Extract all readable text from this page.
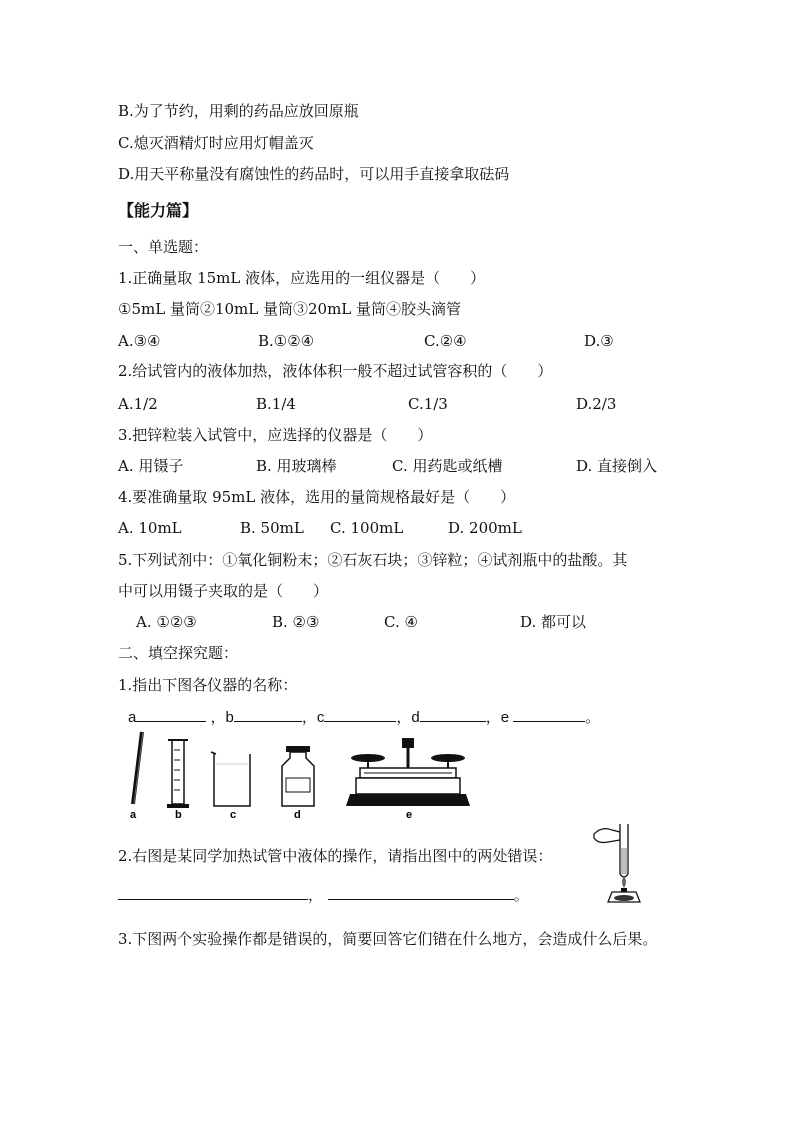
B.为了节约，用剩的药品应放回原瓶
C.熄灭酒精灯时应用灯帽盖灭
D.用天平称量没有腐蚀性的药品时，可以用手直接拿取砝码
【能力篇】
一、单选题：
1.正确量取 15mL 液体，应选用的一组仪器是（　　）
①5mL 量筒②10mL 量筒③20mL 量筒④胶头滴管
A.③④	B.①②④	C.②④	D.③
2.给试管内的液体加热，液体体积一般不超过试管容积的（　　）
A.1/2	B.1/4	C.1/3	D.2/3
3.把锌粒装入试管中，应选择的仪器是（　　）
A. 用镊子	B. 用玻璃棒	C. 用药匙或纸槽	D. 直接倒入
4.要准确量取 95mL 液体，选用的量筒规格最好是（　　）
A. 10mL	B. 50mL C. 100mL	D. 200mL
5.下列试剂中：①氧化铜粉末；②石灰石块；③锌粒；④试剂瓶中的盐酸。其
中可以用镊子夹取的是（　　）
A. ①②③	B. ②③	C. ④	D. 都可以
二、填空探究题：
1.指出下图各仪器的名称：
a	，b	，c	，d	，e	。
a	b	c	d	e
2.右图是某同学加热试管中液体的操作，请指出图中的两处错误：
，	。
3.下图两个实验操作都是错误的，简要回答它们错在什么地方，会造成什么后果。
